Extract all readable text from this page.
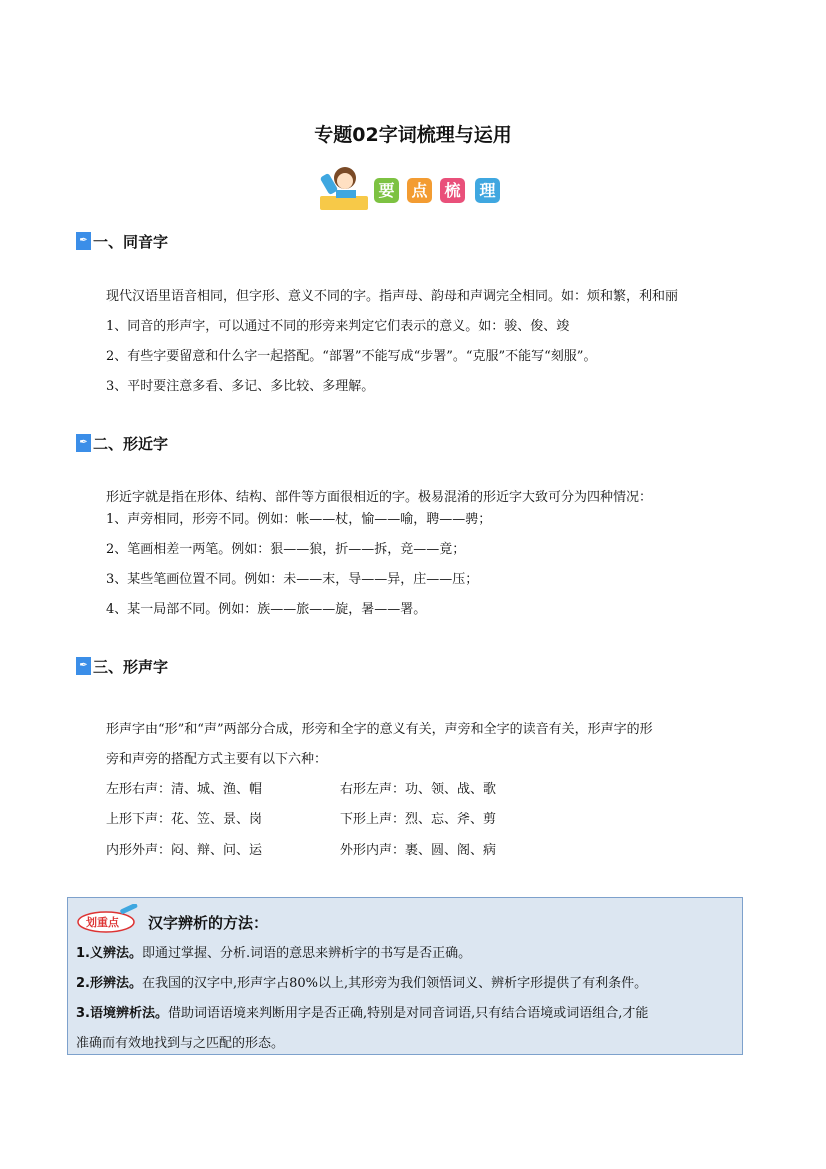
专题02字词梳理与运用
要 点 梳 理
✒ 一、同音字
现代汉语里语音相同，但字形、意义不同的字。指声母、韵母和声调完全相同。如：烦和繁，利和丽
1、同音的形声字，可以通过不同的形旁来判定它们表示的意义。如：骏、俊、竣
2、有些字要留意和什么字一起搭配。“部署”不能写成“步署”。“克服”不能写“刻服”。
3、平时要注意多看、多记、多比较、多理解。
✒ 二、形近字
形近字就是指在形体、结构、部件等方面很相近的字。极易混淆的形近字大致可分为四种情况：
1、声旁相同，形旁不同。例如：帐——杖，愉——喻，聘——骋；
2、笔画相差一两笔。例如：狠——狼，折——拆，竞——竟；
3、某些笔画位置不同。例如：未——末，导——异，庄——压；
4、某一局部不同。例如：族——旅——旋，暑——署。
✒ 三、形声字
形声字由“形”和“声”两部分合成，形旁和全字的意义有关，声旁和全字的读音有关，形声字的形
旁和声旁的搭配方式主要有以下六种：
左形右声：清、城、渔、帽	右形左声：功、领、战、歌
上形下声：花、笠、景、岗	下形上声：烈、忘、斧、剪
内形外声：闷、辩、问、运	外形内声：裹、圆、阁、病
划重点 汉字辨析的方法：
1.义辨法。即通过掌握、分析.词语的意思来辨析字的书写是否正确。
2.形辨法。在我国的汉字中,形声字占80%以上,其形旁为我们领悟词义、辨析字形提供了有利条件。
3.语境辨析法。借助词语语境来判断用字是否正确,特别是对同音词语,只有结合语境或词语组合,才能
准确而有效地找到与之匹配的形态。
